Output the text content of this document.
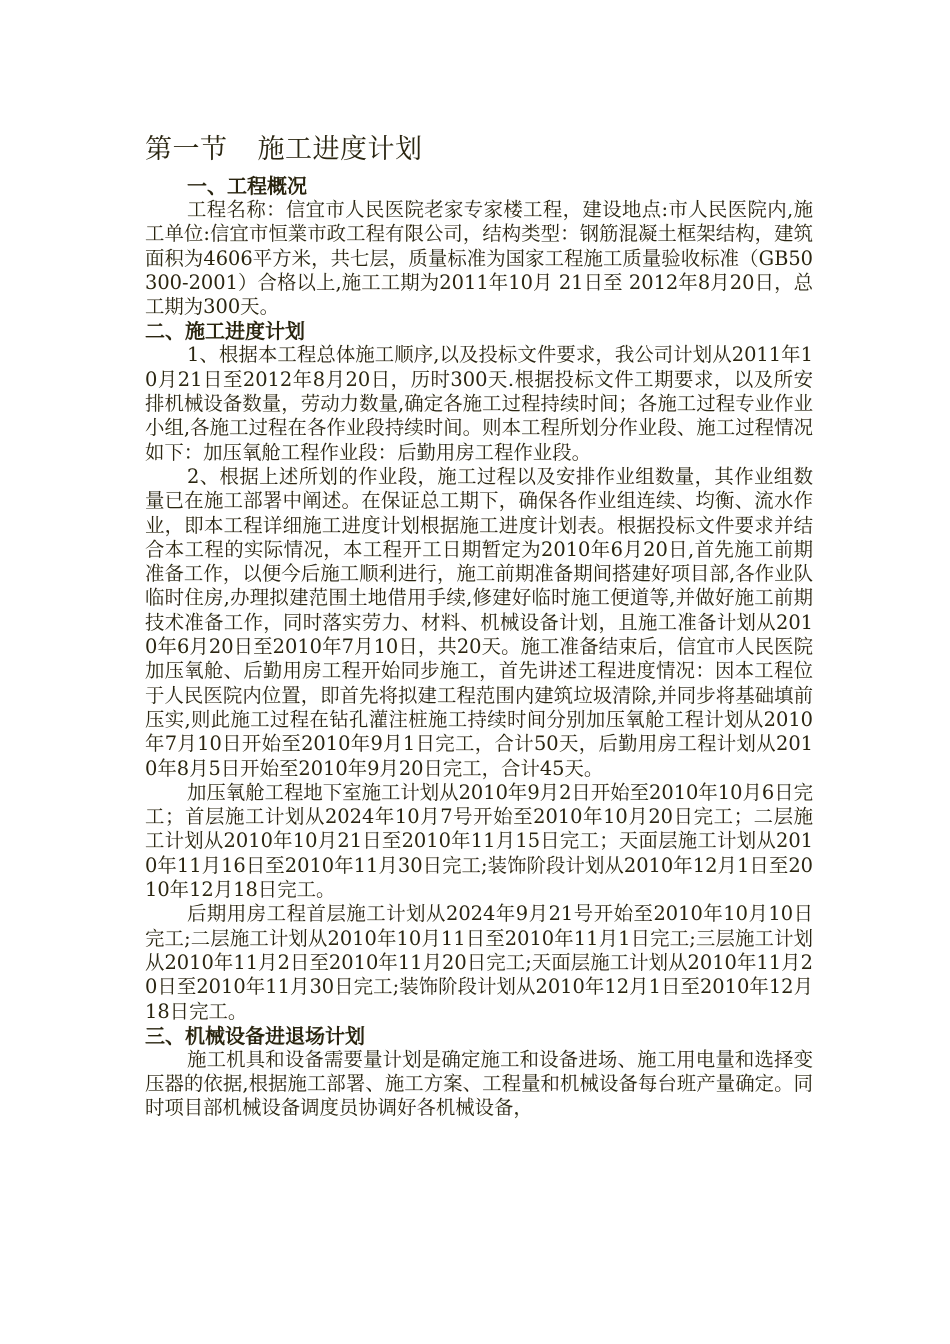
第一节 施工进度计划
一、工程概况

工程名称：信宜市人民医院老家专家楼工程，建设地点:市人民医院内,施工单位:信宜市恒業市政工程有限公司，结构类型：钢筋混凝土框架结构，建筑面积为4606平方米，共七层，质量标准为国家工程施工质量验收标准（GB50300-2001）合格以上,施工工期为2011年10月 21日至 2012年8月20日，总工期为300天。

二、施工进度计划

1、根据本工程总体施工顺序,以及投标文件要求，我公司计划从2011年10月21日至2012年8月20日，历时300天.根据投标文件工期要求，以及所安排机械设备数量，劳动力数量,确定各施工过程持续时间；各施工过程专业作业小组,各施工过程在各作业段持续时间。则本工程所划分作业段、施工过程情况如下：加压氧舱工程作业段：后勤用房工程作业段。

2、根据上述所划的作业段，施工过程以及安排作业组数量，其作业组数量已在施工部署中阐述。在保证总工期下，确保各作业组连续、均衡、流水作业，即本工程详细施工进度计划根据施工进度计划表。根据投标文件要求并结合本工程的实际情况，本工程开工日期暂定为2010年6月20日,首先施工前期准备工作，以便今后施工顺利进行，施工前期准备期间搭建好项目部,各作业队临时住房,办理拟建范围土地借用手续,修建好临时施工便道等,并做好施工前期技术准备工作，同时落实劳力、材料、机械设备计划，且施工准备计划从2010年6月20日至2010年7月10日，共20天。施工准备结束后，信宜市人民医院加压氧舱、后勤用房工程开始同步施工，首先讲述工程进度情况：因本工程位于人民医院内位置，即首先将拟建工程范围内建筑垃圾清除,并同步将基础填前压实,则此施工过程在钻孔灌注桩施工持续时间分别加压氧舱工程计划从2010年7月10日开始至2010年9月1日完工，合计50天，后勤用房工程计划从2010年8月5日开始至2010年9月20日完工，合计45天。

加压氧舱工程地下室施工计划从2010年9月2日开始至2010年10月6日完工；首层施工计划从2024年10月7号开始至2010年10月20日完工；二层施工计划从2010年10月21日至2010年11月15日完工；天面层施工计划从2010年11月16日至2010年11月30日完工;装饰阶段计划从2010年12月1日至2010年12月18日完工。

后期用房工程首层施工计划从2024年9月21号开始至2010年10月10日完工;二层施工计划从2010年10月11日至2010年11月1日完工;三层施工计划从2010年11月2日至2010年11月20日完工;天面层施工计划从2010年11月20日至2010年11月30日完工;装饰阶段计划从2010年12月1日至2010年12月18日完工。

三、机械设备进退场计划

施工机具和设备需要量计划是确定施工和设备进场、施工用电量和选择变压器的依据,根据施工部署、施工方案、工程量和机械设备每台班产量确定。同时项目部机械设备调度员协调好各机械设备，
